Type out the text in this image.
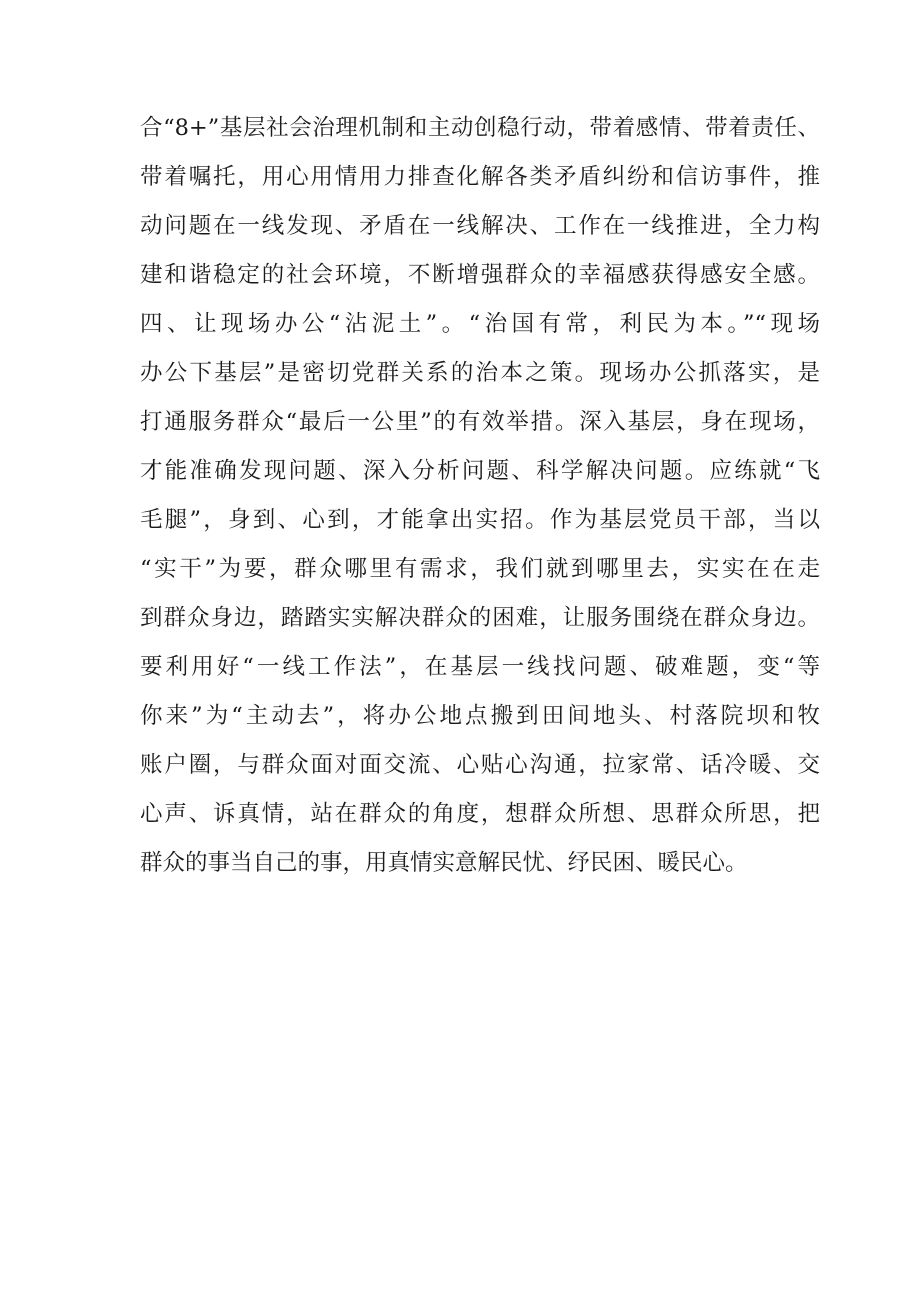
合“8+”基层社会治理机制和主动创稳行动，带着感情、带着责任、
带着嘱托，用心用情用力排查化解各类矛盾纠纷和信访事件，推
动问题在一线发现、矛盾在一线解决、工作在一线推进，全力构
建和谐稳定的社会环境，不断增强群众的幸福感获得感安全感。
四、让现场办公“沾泥土”。“治国有常，利民为本。”“现场
办公下基层”是密切党群关系的治本之策。现场办公抓落实，是
打通服务群众“最后一公里”的有效举措。深入基层，身在现场，
才能准确发现问题、深入分析问题、科学解决问题。应练就“飞
毛腿”，身到、心到，才能拿出实招。作为基层党员干部，当以
“实干”为要，群众哪里有需求，我们就到哪里去，实实在在走
到群众身边，踏踏实实解决群众的困难，让服务围绕在群众身边。
要利用好“一线工作法”，在基层一线找问题、破难题，变“等
你来”为“主动去”，将办公地点搬到田间地头、村落院坝和牧
账户圈，与群众面对面交流、心贴心沟通，拉家常、话冷暖、交
心声、诉真情，站在群众的角度，想群众所想、思群众所思，把
群众的事当自己的事，用真情实意解民忧、纾民困、暖民心。
